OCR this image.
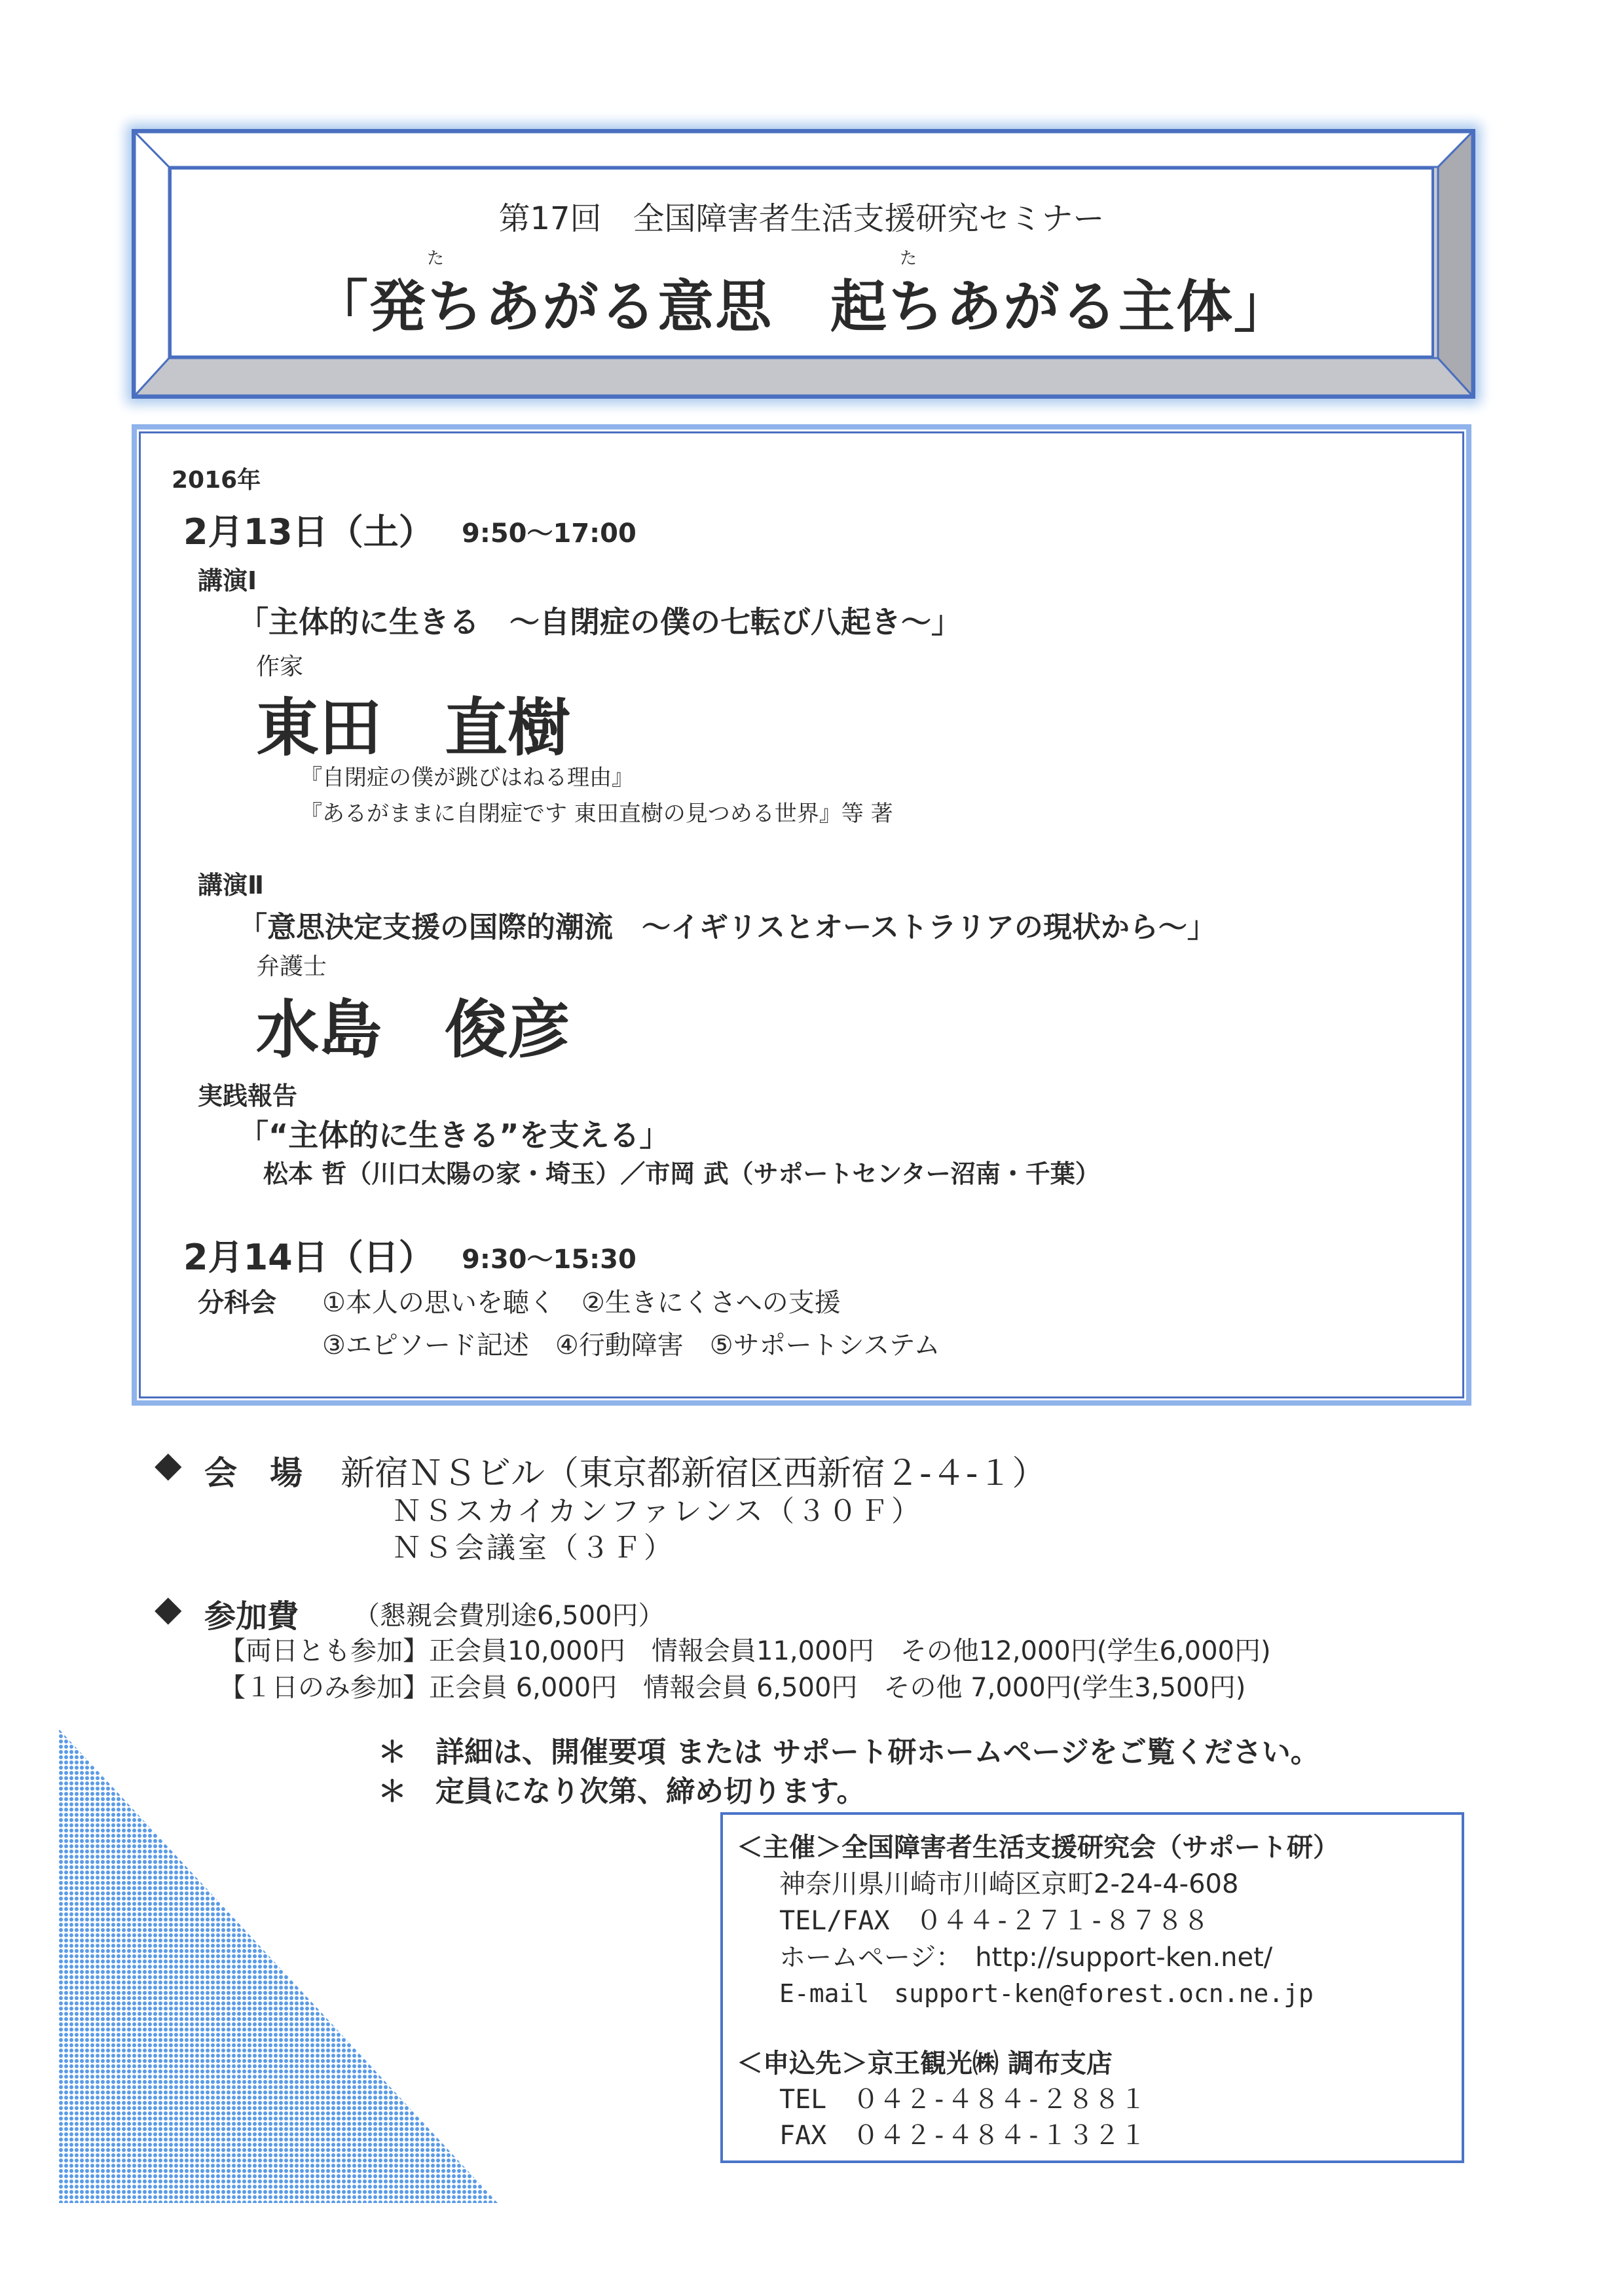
第17回　全国障害者生活支援研究セミナー
た	た
「発ちあがる意思　起ちあがる主体」
2016年
2月13日（土） 9:50〜17:00
講演Ⅰ
「主体的に生きる　〜自閉症の僕の七転び八起き〜」
作家
東田　直樹
『自閉症の僕が跳びはねる理由』
『あるがままに自閉症です 東田直樹の見つめる世界』等 著
講演Ⅱ
「意思決定支援の国際的潮流　〜イギリスとオーストラリアの現状から〜」
弁護士
水島　俊彦
実践報告
「“主体的に生きる”を支える」
松本 哲（川口太陽の家・埼玉）／市岡 武（サポートセンター沼南・千葉）
2月14日（日） 9:30〜15:30
分科会 ①本人の思いを聴く　②生きにくさへの支援
③エピソード記述　④行動障害　⑤サポートシステム
◆ 会　場 新宿ＮＳビル（東京都新宿区西新宿２-４-１）
ＮＳスカイカンファレンス（３０Ｆ）
ＮＳ会議室（３Ｆ）
◆ 参加費 （懇親会費別途6,500円）
【両日とも参加】正会員10,000円　情報会員11,000円　その他12,000円(学生6,000円)
【１日のみ参加】正会員 6,000円　情報会員 6,500円　その他 7,000円(学生3,500円)
＊　詳細は、開催要項 または サポート研ホームページをご覧ください。
＊　定員になり次第、締め切ります。
＜主催＞全国障害者生活支援研究会（サポート研）
神奈川県川崎市川崎区京町2-24-4-608
TEL/FAX　０４４-２７１-８７８８
ホームページ：　http://support-ken.net/
E-mail　support-ken@forest.ocn.ne.jp
＜申込先＞京王観光㈱ 調布支店
TEL　０４２-４８４-２８８１
FAX　０４２-４８４-１３２１
